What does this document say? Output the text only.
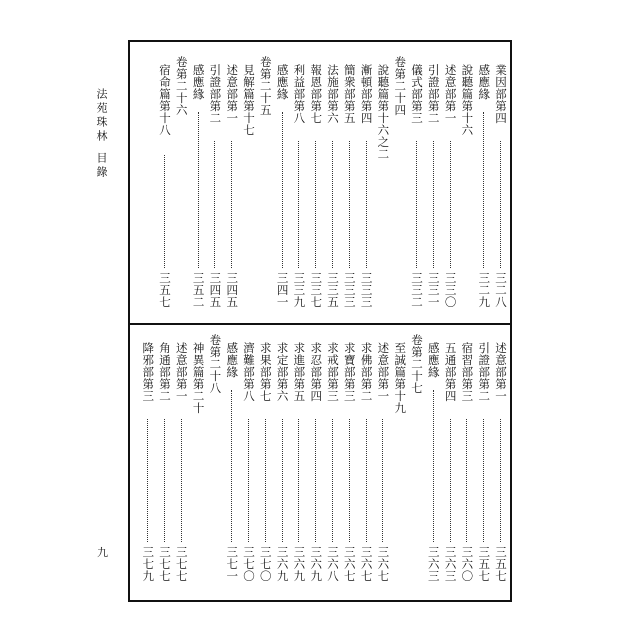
法苑珠林
目錄
九
業因部第四
三二八
感應緣
三二九
說聽篇第十六
述意部第一
三三〇
引證部第二
三三一
儀式部第三
三三二
卷第二十四
說聽篇第十六之二
漸頓部第四
三三三
簡衆部第五
三三三
法施部第六
三三五
報恩部第七
三三七
利益部第八
三三九
感應緣
三四一
卷第二十五
見解篇第十七
述意部第一
三四五
引證部第二
三四五
感應緣
三五二
卷第二十六
宿命篇第十八
三五七
述意部第一
三五七
引證部第二
三五七
宿習部第三
三六〇
五通部第四
三六三
感應緣
三六三
卷第二十七
至誠篇第十九
述意部第一
三六七
求佛部第二
三六七
求寶部第三
三六七
求戒部第三
三六八
求忍部第四
三六九
求進部第五
三六九
求定部第六
三六九
求果部第七
三七〇
濟難部第八
三七〇
感應緣
三七一
卷第二十八
神異篇第二十
述意部第一
三七七
角通部第二
三七七
降邪部第三
三七九
